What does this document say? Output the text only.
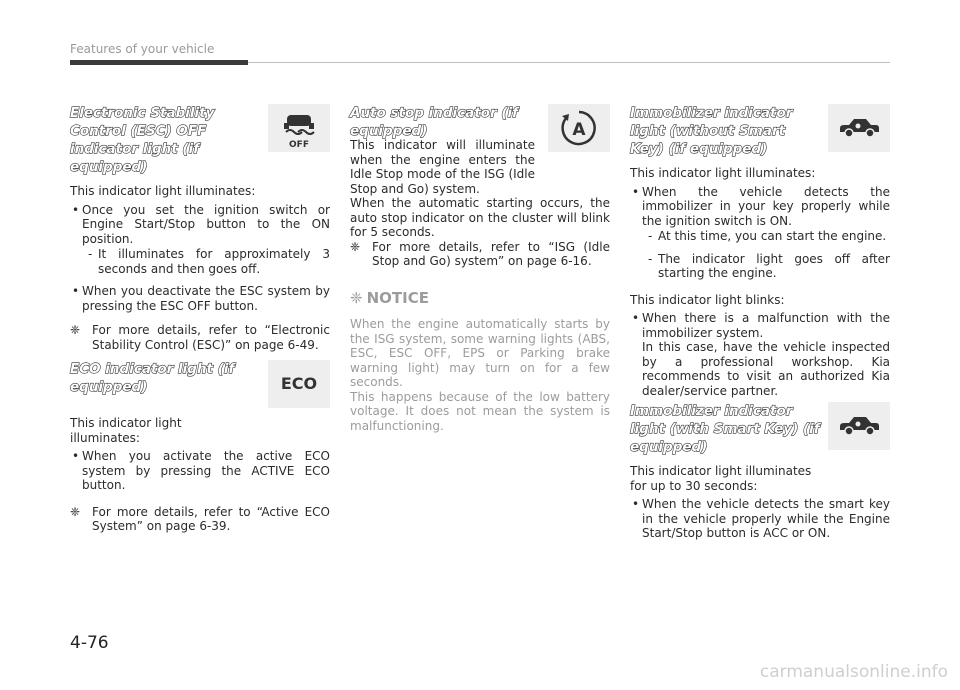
Features of your vehicle
Electronic Stability Control (ESC) OFF indicator light (if equipped)
OFF

This indicator light illuminates:

• Once you set the ignition switch or Engine Start/Stop button to the ON position.
- It illuminates for approximately 3 seconds and then goes off.
• When you deactivate the ESC system by pressing the ESC OFF button.
❈ For more details, refer to “Electronic Stability Control (ESC)” on page 6-49.
ECO indicator light (if equipped)	ECO

This indicator light illuminates:

• When you activate the active ECO system by pressing the ACTIVE ECO button.
❈ For more details, refer to “Active ECO System” on page 6-39.
Auto stop indicator (if equipped)	A

This indicator will illuminate when the engine enters the Idle Stop mode of the ISG (Idle Stop and Go) system.

When the automatic starting occurs, the auto stop indicator on the cluster will blink for 5 seconds.

❈ For more details, refer to “ISG (Idle Stop and Go) system” on page 6-16.
❈ NOTICE

When the engine automatically starts by the ISG system, some warning lights (ABS, ESC, ESC OFF, EPS or Parking brake warning light) may turn on for a few seconds.

This happens because of the low battery voltage. It does not mean the system is malfunctioning.

Immobilizer indicator light (without Smart Key) (if equipped)

This indicator light illuminates:

• When the vehicle detects the immobilizer in your key properly while the ignition switch is ON.
- At this time, you can start the engine.
- The indicator light goes off after starting the engine.

This indicator light blinks:

• When there is a malfunction with the immobilizer system.
In this case, have the vehicle inspected by a professional workshop. Kia recommends to visit an authorized Kia dealer/service partner.
Immobilizer indicator light (with Smart Key) (if equipped)

This indicator light illuminates for up to 30 seconds:

• When the vehicle detects the smart key in the vehicle properly while the Engine Start/Stop button is ACC or ON.
4-76
carmanualsonline.info
